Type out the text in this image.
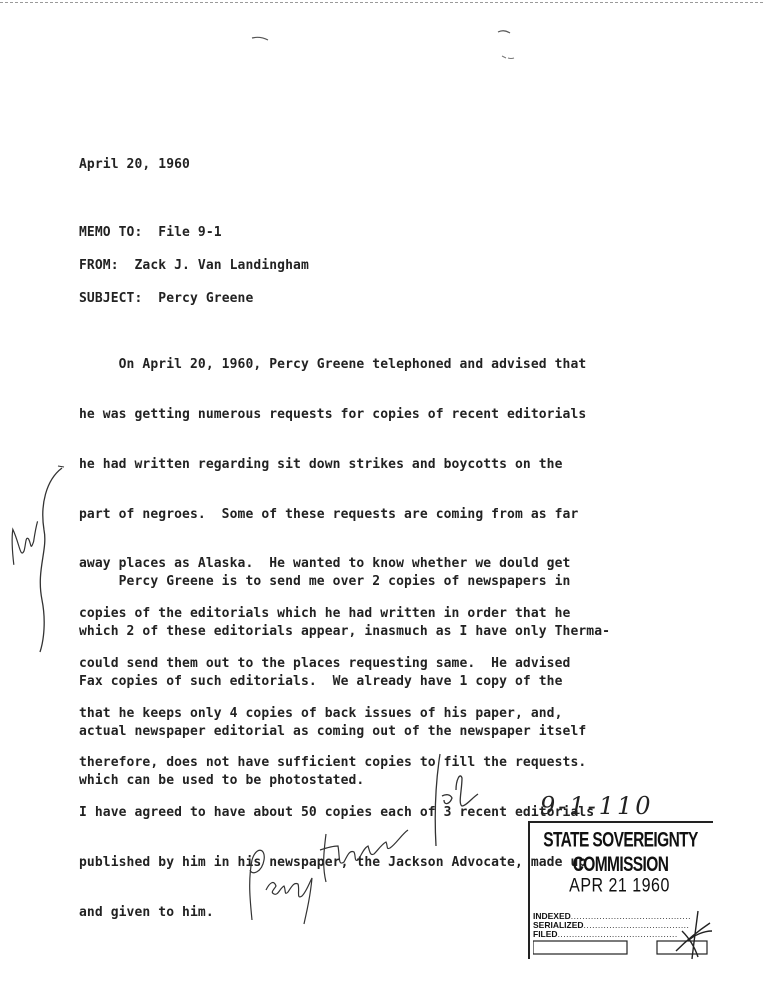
April 20, 1960
MEMO TO: File 9-1
FROM: Zack J. Van Landingham
SUBJECT: Percy Greene

On April 20, 1960, Percy Greene telephoned and advised that

he was getting numerous requests for copies of recent editorials

he had written regarding sit down strikes and boycotts on the

part of negroes.  Some of these requests are coming from as far

away places as Alaska.  He wanted to know whether we dould get

copies of the editorials which he had written in order that he

could send them out to the places requesting same.  He advised

that he keeps only 4 copies of back issues of his paper, and,

therefore, does not have sufficient copies to fill the requests.

I have agreed to have about 50 copies each of 3 recent editorials

published by him in his newspaper, the Jackson Advocate, made up

and given to him.

Percy Greene is to send me over 2 copies of newspapers in

which 2 of these editorials appear, inasmuch as I have only Therma-

Fax copies of such editorials.  We already have 1 copy of the

actual newspaper editorial as coming out of the newspaper itself

which can be used to be photostated.

9-1-110
STATE SOVEREIGNTY COMMISSION
APR 21 1960
INDEXED..........................................
SERIALIZED.....................................
FILED..........................................
